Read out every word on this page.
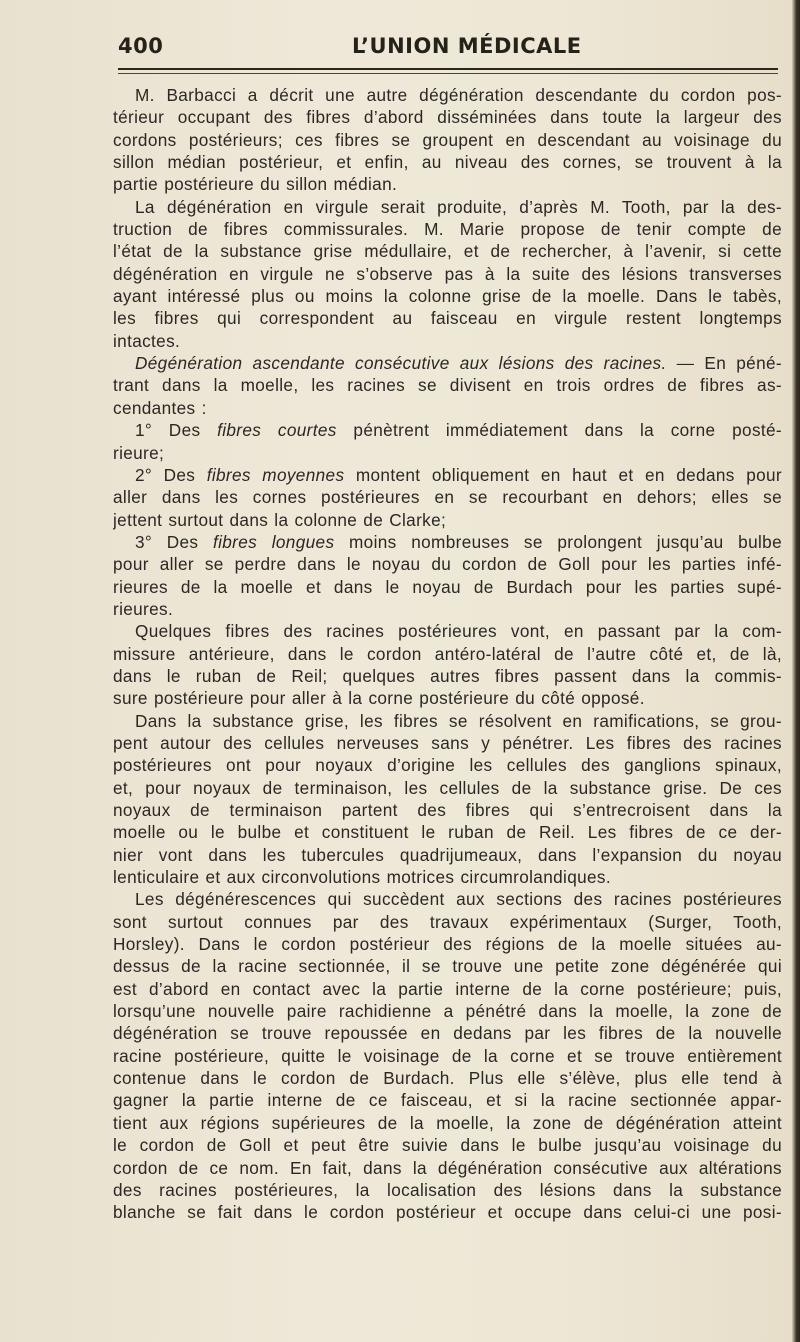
400	L’UNION MÉDICALE
M. Barbacci a décrit une autre dégénération descendante du cordon pos-
térieur occupant des fibres d’abord disséminées dans toute la largeur des
cordons postérieurs; ces fibres se groupent en descendant au voisinage du
sillon médian postérieur, et enfin, au niveau des cornes, se trouvent à la
partie postérieure du sillon médian.
La dégénération en virgule serait produite, d’après M. Tooth, par la des-
truction de fibres commissurales. M. Marie propose de tenir compte de
l’état de la substance grise médullaire, et de rechercher, à l’avenir, si cette
dégénération en virgule ne s’observe pas à la suite des lésions transverses
ayant intéressé plus ou moins la colonne grise de la moelle. Dans le tabès,
les fibres qui correspondent au faisceau en virgule restent longtemps
intactes.
Dégénération ascendante consécutive aux lésions des racines. — En péné-
trant dans la moelle, les racines se divisent en trois ordres de fibres as-
cendantes :
1° Des fibres courtes pénètrent immédiatement dans la corne posté-
rieure;
2° Des fibres moyennes montent obliquement en haut et en dedans pour
aller dans les cornes postérieures en se recourbant en dehors; elles se
jettent surtout dans la colonne de Clarke;
3° Des fibres longues moins nombreuses se prolongent jusqu’au bulbe
pour aller se perdre dans le noyau du cordon de Goll pour les parties infé-
rieures de la moelle et dans le noyau de Burdach pour les parties supé-
rieures.
Quelques fibres des racines postérieures vont, en passant par la com-
missure antérieure, dans le cordon antéro-latéral de l’autre côté et, de là,
dans le ruban de Reil; quelques autres fibres passent dans la commis-
sure postérieure pour aller à la corne postérieure du côté opposé.
Dans la substance grise, les fibres se résolvent en ramifications, se grou-
pent autour des cellules nerveuses sans y pénétrer. Les fibres des racines
postérieures ont pour noyaux d’origine les cellules des ganglions spinaux,
et, pour noyaux de terminaison, les cellules de la substance grise. De ces
noyaux de terminaison partent des fibres qui s’entrecroisent dans la
moelle ou le bulbe et constituent le ruban de Reil. Les fibres de ce der-
nier vont dans les tubercules quadrijumeaux, dans l’expansion du noyau
lenticulaire et aux circonvolutions motrices circumrolandiques.
Les dégénérescences qui succèdent aux sections des racines postérieures
sont surtout connues par des travaux expérimentaux (Surger, Tooth,
Horsley). Dans le cordon postérieur des régions de la moelle situées au-
dessus de la racine sectionnée, il se trouve une petite zone dégénérée qui
est d’abord en contact avec la partie interne de la corne postérieure; puis,
lorsqu’une nouvelle paire rachidienne a pénétré dans la moelle, la zone de
dégénération se trouve repoussée en dedans par les fibres de la nouvelle
racine postérieure, quitte le voisinage de la corne et se trouve entièrement
contenue dans le cordon de Burdach. Plus elle s’élève, plus elle tend à
gagner la partie interne de ce faisceau, et si la racine sectionnée appar-
tient aux régions supérieures de la moelle, la zone de dégénération atteint
le cordon de Goll et peut être suivie dans le bulbe jusqu’au voisinage du
cordon de ce nom. En fait, dans la dégénération consécutive aux altérations
des racines postérieures, la localisation des lésions dans la substance
blanche se fait dans le cordon postérieur et occupe dans celui-ci une posi-
